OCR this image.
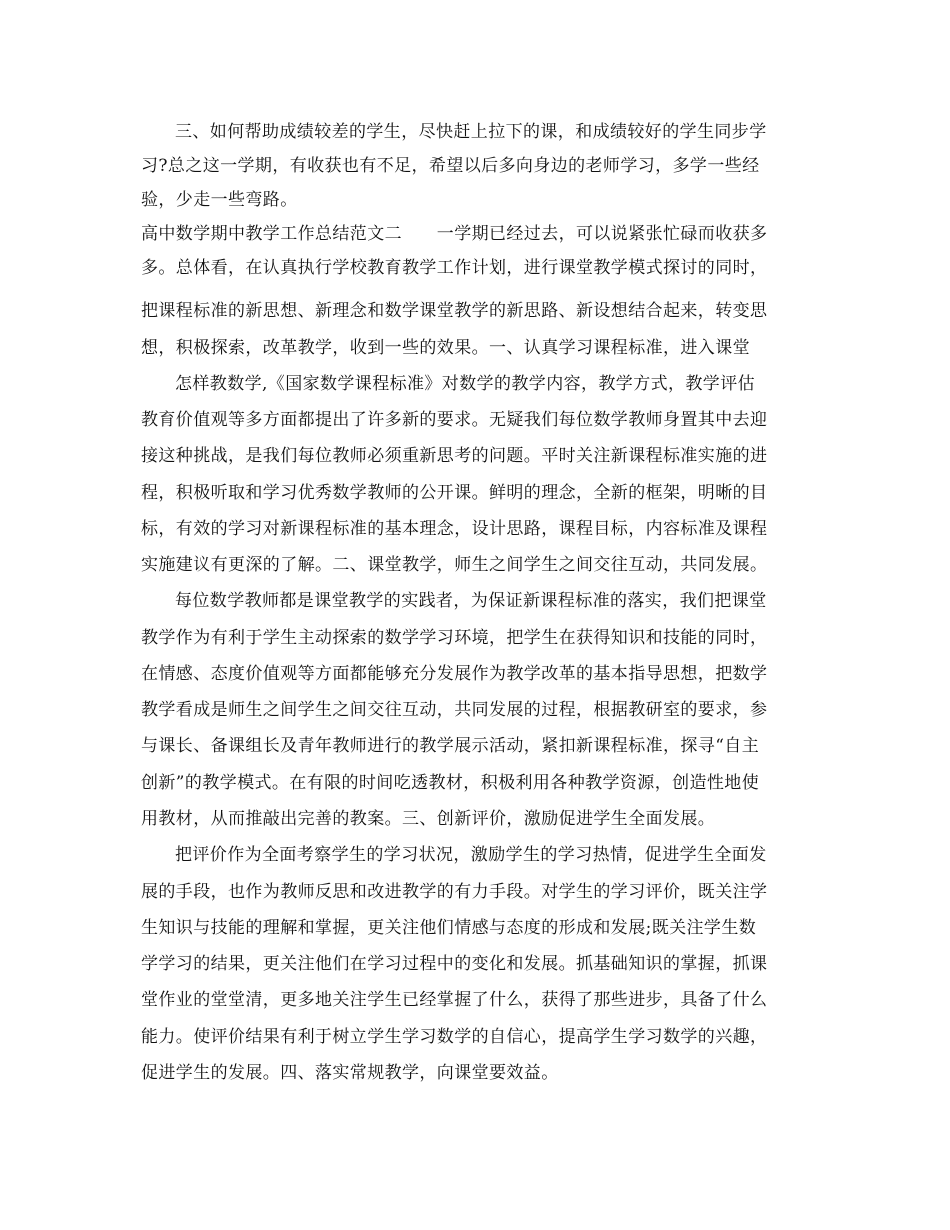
三、如何帮助成绩较差的学生，尽快赶上拉下的课，和成绩较好的学生同步学
习?总之这一学期，有收获也有不足，希望以后多向身边的老师学习，多学一些经
验，少走一些弯路。
高中数学期中教学工作总结范文二　　一学期已经过去，可以说紧张忙碌而收获多
多。总体看，在认真执行学校教育教学工作计划，进行课堂教学模式探讨的同时，
把课程标准的新思想、新理念和数学课堂教学的新思路、新设想结合起来，转变思
想，积极探索，改革教学，收到一些的效果。一、认真学习课程标准，进入课堂
怎样教数学,《国家数学课程标准》对数学的教学内容，教学方式，教学评估
教育价值观等多方面都提出了许多新的要求。无疑我们每位数学教师身置其中去迎
接这种挑战，是我们每位教师必须重新思考的问题。平时关注新课程标准实施的进
程，积极听取和学习优秀数学教师的公开课。鲜明的理念，全新的框架，明晰的目
标，有效的学习对新课程标准的基本理念，设计思路，课程目标，内容标准及课程
实施建议有更深的了解。二、课堂教学，师生之间学生之间交往互动，共同发展。
每位数学教师都是课堂教学的实践者，为保证新课程标准的落实，我们把课堂
教学作为有利于学生主动探索的数学学习环境，把学生在获得知识和技能的同时，
在情感、态度价值观等方面都能够充分发展作为教学改革的基本指导思想，把数学
教学看成是师生之间学生之间交往互动，共同发展的过程，根据教研室的要求，参
与课长、备课组长及青年教师进行的教学展示活动，紧扣新课程标准，探寻“自主
创新”的教学模式。在有限的时间吃透教材，积极利用各种教学资源，创造性地使
用教材，从而推敲出完善的教案。三、创新评价，激励促进学生全面发展。
把评价作为全面考察学生的学习状况，激励学生的学习热情，促进学生全面发
展的手段，也作为教师反思和改进教学的有力手段。对学生的学习评价，既关注学
生知识与技能的理解和掌握，更关注他们情感与态度的形成和发展;既关注学生数
学学习的结果，更关注他们在学习过程中的变化和发展。抓基础知识的掌握，抓课
堂作业的堂堂清，更多地关注学生已经掌握了什么，获得了那些进步，具备了什么
能力。使评价结果有利于树立学生学习数学的自信心，提高学生学习数学的兴趣，
促进学生的发展。四、落实常规教学，向课堂要效益。
